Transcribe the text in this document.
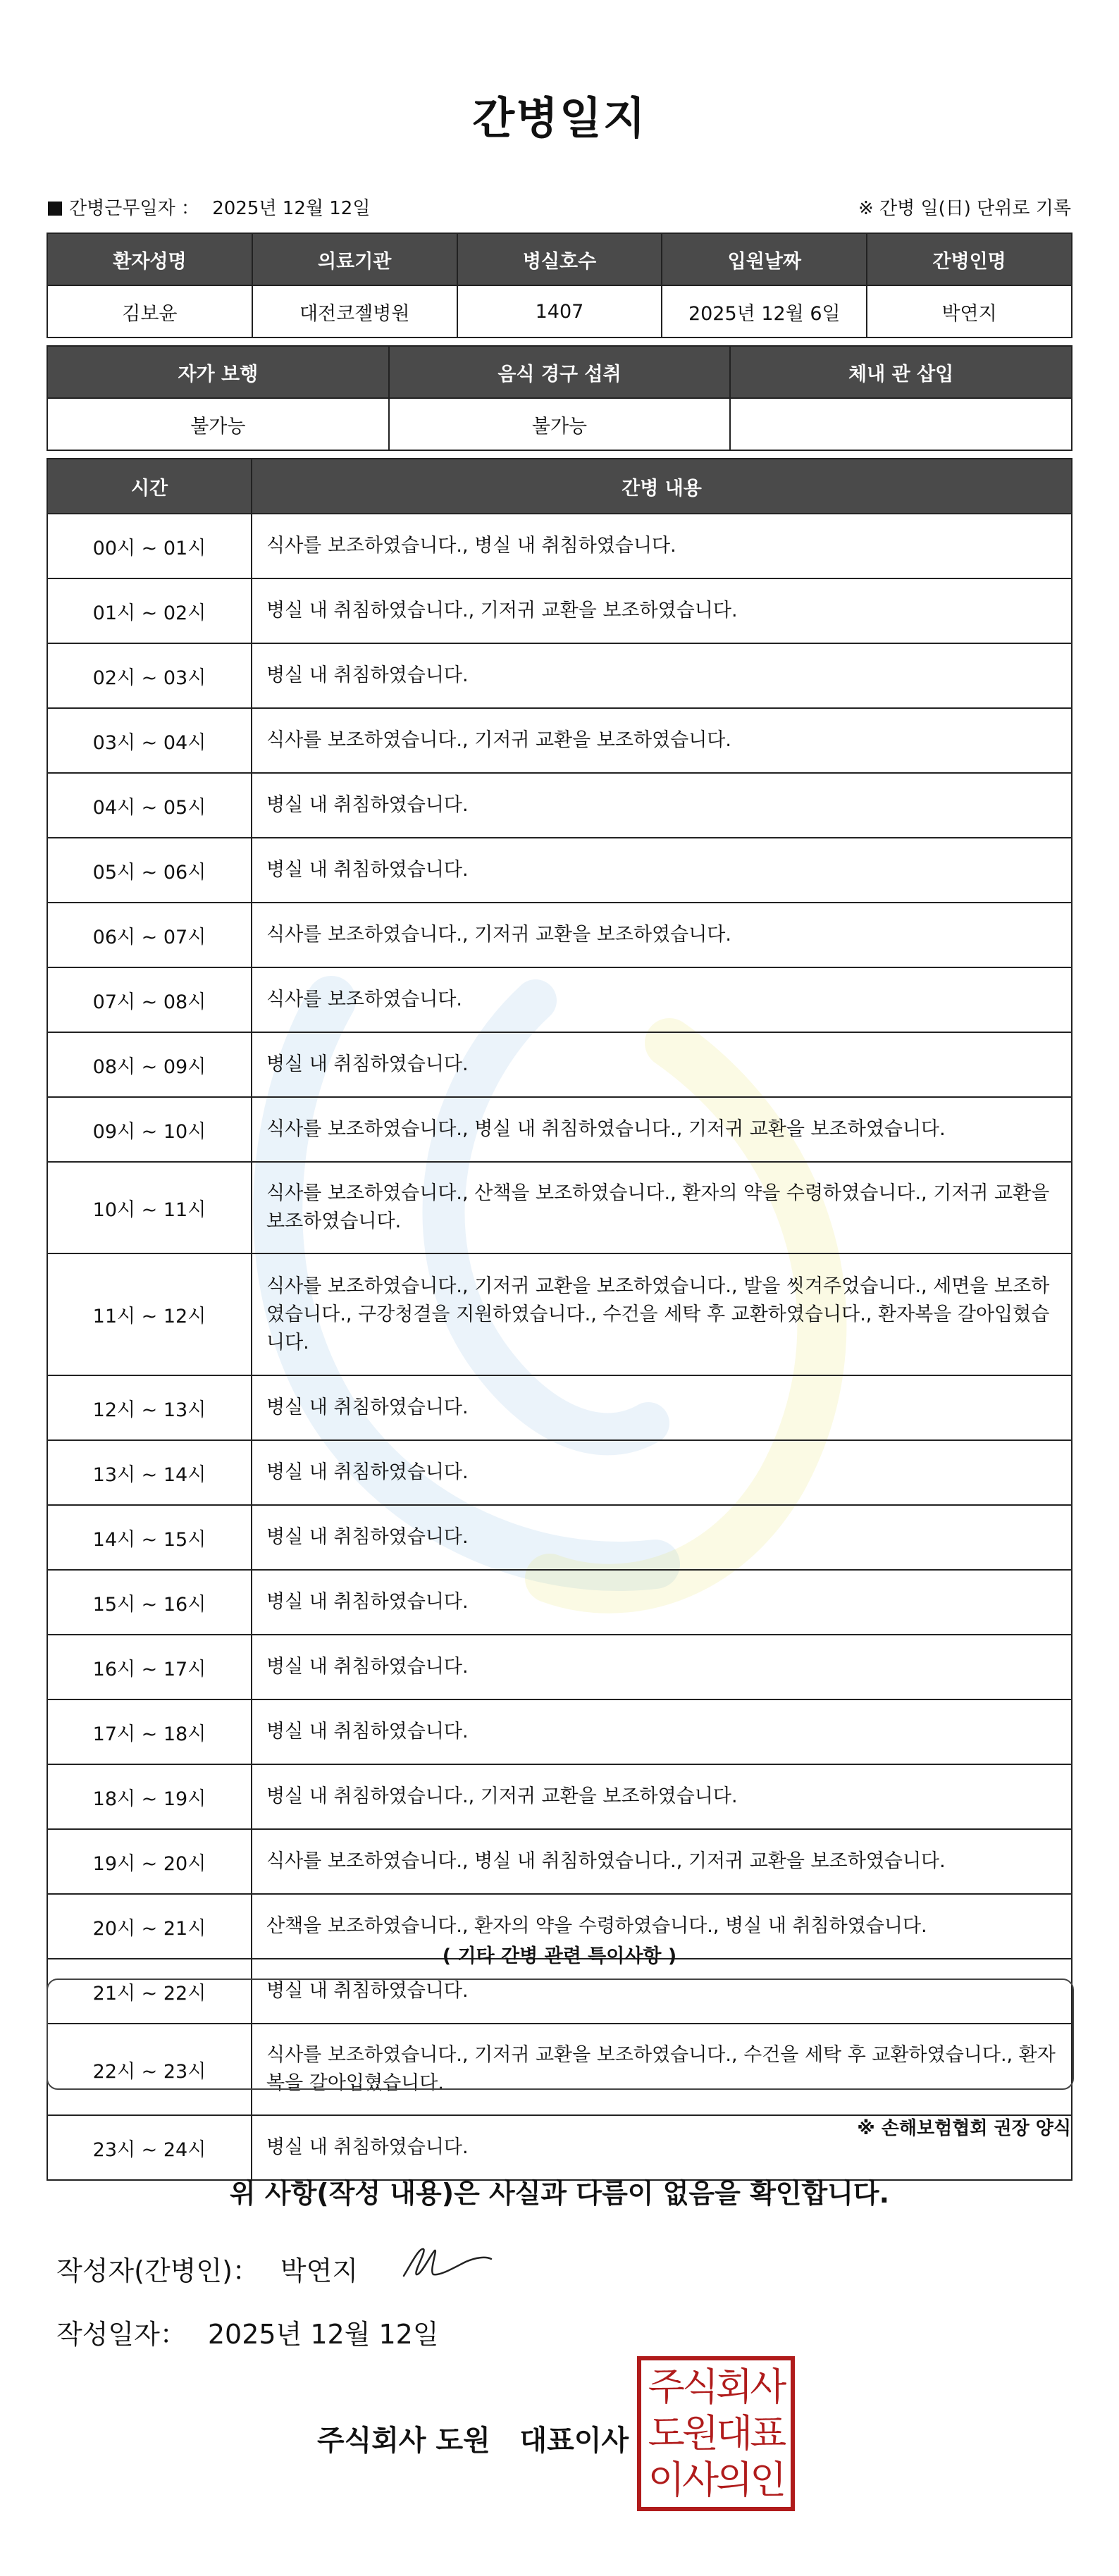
간병일지
간병근무일자 ： 2025년 12월 12일	※ 간병 일(日) 단위로 기록
환자성명	의료기관	병실호수	입원날짜	간병인명
김보윤	대전코젤병원	1407	2025년 12월 6일	박연지
자가 보행	음식 경구 섭취	체내 관 삽입
불가능	불가능	
시간	간병 내용
00시 ~ 01시	식사를 보조하였습니다., 병실 내 취침하였습니다.
01시 ~ 02시	병실 내 취침하였습니다., 기저귀 교환을 보조하였습니다.
02시 ~ 03시	병실 내 취침하였습니다.
03시 ~ 04시	식사를 보조하였습니다., 기저귀 교환을 보조하였습니다.
04시 ~ 05시	병실 내 취침하였습니다.
05시 ~ 06시	병실 내 취침하였습니다.
06시 ~ 07시	식사를 보조하였습니다., 기저귀 교환을 보조하였습니다.
07시 ~ 08시	식사를 보조하였습니다.
08시 ~ 09시	병실 내 취침하였습니다.
09시 ~ 10시	식사를 보조하였습니다., 병실 내 취침하였습니다., 기저귀 교환을 보조하였습니다.
10시 ~ 11시	식사를 보조하였습니다., 산책을 보조하였습니다., 환자의 약을 수령하였습니다., 기저귀 교환을 보조하였습니다.
11시 ~ 12시	식사를 보조하였습니다., 기저귀 교환을 보조하였습니다., 발을 씻겨주었습니다., 세면을 보조하였습니다., 구강청결을 지원하였습니다., 수건을 세탁 후 교환하였습니다., 환자복을 갈아입혔습니다.
12시 ~ 13시	병실 내 취침하였습니다.
13시 ~ 14시	병실 내 취침하였습니다.
14시 ~ 15시	병실 내 취침하였습니다.
15시 ~ 16시	병실 내 취침하였습니다.
16시 ~ 17시	병실 내 취침하였습니다.
17시 ~ 18시	병실 내 취침하였습니다.
18시 ~ 19시	병실 내 취침하였습니다., 기저귀 교환을 보조하였습니다.
19시 ~ 20시	식사를 보조하였습니다., 병실 내 취침하였습니다., 기저귀 교환을 보조하였습니다.
20시 ~ 21시	산책을 보조하였습니다., 환자의 약을 수령하였습니다., 병실 내 취침하였습니다.
21시 ~ 22시	병실 내 취침하였습니다.
22시 ~ 23시	식사를 보조하였습니다., 기저귀 교환을 보조하였습니다., 수건을 세탁 후 교환하였습니다., 환자복을 갈아입혔습니다.
23시 ~ 24시	병실 내 취침하였습니다.
( 기타 간병 관련 특이사항 )
※ 손해보험협회 권장 양식
위 사항(작성 내용)은 사실과 다름이 없음을 확인합니다.
작성자(간병인)： 박연지
작성일자： 2025년 12월 12일
주식회사 도원   대표이사
주식회사
도원대표
이사의인
